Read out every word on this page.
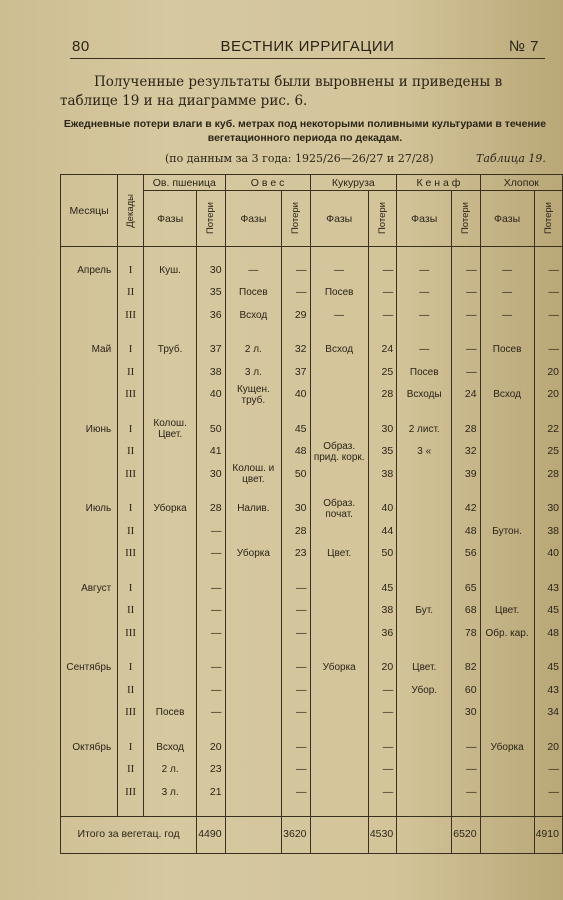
80	ВЕСТНИК ИРРИГАЦИИ	№ 7
Полученные результаты были выровнены и приведены в таблице 19 и на диаграмме рис. 6.
Ежедневные потери влаги в куб. метрах под некоторыми поливными культурами в течение вегетационного периода по декадам.
(по данным за 3 года: 1925/26—26/27 и 27/28)	Таблица 19.
Месяцы	Декады	Ов. пшеница		О в е с		Кукуруза		К е н а ф		Хлопок	
		Фазы	Потери	Фазы	Потери	Фазы	Потери	Фазы	Потери	Фазы	Потери

Апрель	I	Куш.	30	—	—	—	—	—	—	—	—
	II		35	Посев	—	Посев	—	—	—	—	—
	III		36	Всход	29	—	—	—	—	—	—

Май	I	Труб.	37	2 л.	32	Всход	24	—	—	Посев	—
	II		38	3 л.	37		25	Посев	—		20
	III		40	Кущен. труб.	40		28	Всходы	24	Всход	20

Июнь	I	Колош. Цвет.	50		45		30	2 лист.	28		22
	II		41		48	Образ. прид. корк.	35	3 «	32		25
	III		30	Колош. и цвет.	50		38		39		28

Июль	I	Уборка	28	Налив.	30	Образ. почат.	40		42		30
	II		—		28		44		48	Бутон.	38
	III		—	Уборка	23	Цвет.	50		56		40

Август	I		—		—		45		65		43
	II		—		—		38	Бут.	68	Цвет.	45
	III		—		—		36		78	Обр. кар.	48

Сентябрь	I		—		—	Уборка	20	Цвет.	82		45
	II		—		—		—	Убор.	60		43
	III	Посев	—		—		—		30		34

Октябрь	I	Всход	20		—		—		—	Уборка	20
	II	2 л.	23		—		—		—		—
	III	3 л.	21		—		—		—		—

Итого за вегетац. год			4490		3620		4530		6520		4910
